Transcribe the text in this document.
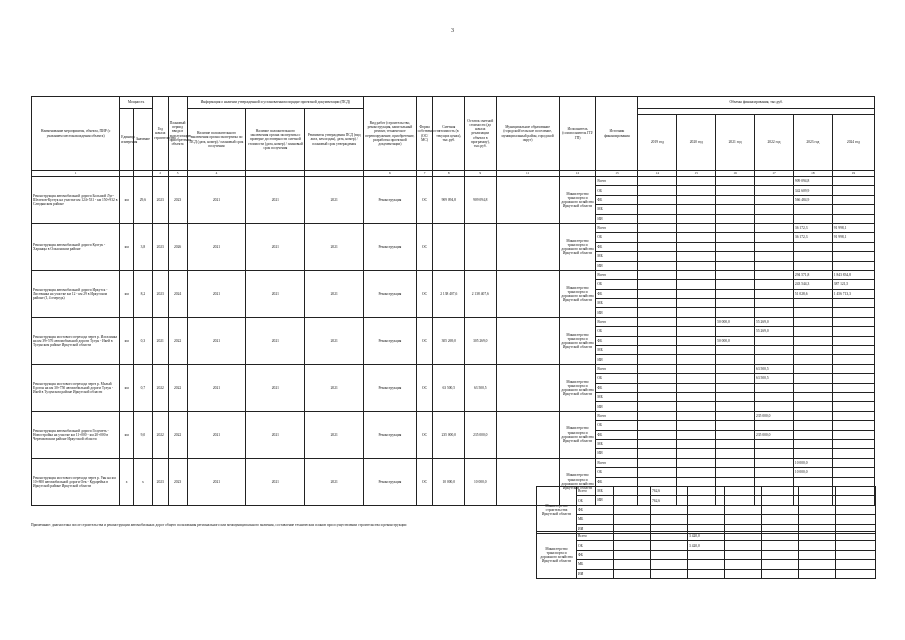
3
Наименование мероприятия, объекта, ПИР (с указанием местонахождения объекта)	Мощность		Год начала строительства	Плановый период ввода в эксплуатацию, приобретения объекта	Информация о наличии утвержденной и установленном порядке проектной документации (ПСД)			Вид работ (строительство, реконструкция, капитальный ремонт, техническое перевооружение, приобретение, разработка проектной документации)	Форма собственности (ОС/МС)	Сметная стоимость (в текущих ценах), тыс.руб.	Остаток сметной стоимости (до начала реализации объекта в программу), тыс.руб.	Муниципальное образование (городской/сельское поселение, муниципальный район, городской округ)	Исполнитель (соисполнитель ГП/ГП)	Источник финансирования	Объемы финансирования, тыс.руб.					
	Единица измерения	Значение			Наличие положительного заключения органа экспертизы по ПСД (дата, номер) / плановый срок получения	Наличие положительного заключения органа экспертизы о проверке достоверности сметной стоимости (дата, номер) / плановый срок получения	Реквизиты утверждения ПСД (вид акта, кем издан), дата, номер) / плановый срок утверждения													
															2019 год	2020 год	2021 год	2022 год	2023 год	2024 год
1			2	3	4			6	7	8	9	11	12	13	14	15	16	17	18	19
Реконструкция автомобильной дороги Большой Луг-Шелехов-Култук на участке км 124+531 - км 150+932 в Слюдянском районе	км	29,6	2023	2023	2021	2021	2021	Реконструкция	ОС	909 094,8	909 094,8		Министерство транспорта и дорожного хозяйства Иркутской области	Всего					909 094,8	
														ОБ					342 609,9	
														ФБ					566 484,9	
														МБ						
														ИИ						
Реконструкция автомобильной дороги Култук - Харанцы в Ольхонском районе	км	3,8	2023	2026	2021	2021	2021	Реконструкция	ОС				Министерство транспорта и дорожного хозяйства Иркутской области	Всего					36 172,3	91 998,1
														ОБ					36 172,3	91 998,1
														ФБ						
														МБ						
														ИИ						
Реконструкция автомобильной дороги Иркутск - Листвянка на участке км 12 - км 29 в Иркутском районе (I, 4 очередь)	км	8,2	2023	2024	2021	2021	2021	Реконструкция	ОС	2 138 407,6	2 138 407,6		Министерство транспорта и дорожного хозяйства Иркутской области	Всего					294 571,8	1 843 834,8
														ОБ					243 544,3	387 121,5
														ФБ					51 028,6	1 456 713,3
														МБ						
														ИИ						
Реконструкция мостового перехода через р. Илгалинка на км 39+576 автомобильной дороги Тулун - Икей в Тулунском районе Иркутской области	км	0,3	2021	2022	2021	2021	2021	Реконструкция	ОС	305 269,0	305 269,0		Министерство транспорта и дорожного хозяйства Иркутской области	Всего			50 000,0	55 269,0		
														ОБ				55 269,0		
														ФБ			50 000,0			
														МБ						
														ИИ						
Реконструкция мостового перехода через р. Малый Едогон на км 30+750 автомобильной дороги Тулун - Икей в Тулунском районе Иркутской области	км	0,7	2022	2022	2021	2021	2021	Реконструкция	ОС	63 500,5	63 500,5		Министерство транспорта и дорожного хозяйства Иркутской области	Всего				63 500,5		
														ОБ				63 500,5		
														ФБ						
														МБ						
														ИИ						
Реконструкция автомобильной дороги Голуметь - Новостройка на участке км 11+000 - км 20+000 в Черемховском районе Иркутской области	км	9,0	2022	2022	2021	2021	2021	Реконструкция	ОС	235 000,0	235 000,0		Министерство транспорта и дорожного хозяйства Иркутской области	Всего				235 000,0		
														ОБ						
														ФБ				235 000,0		
														МБ						
														ИИ						
Реконструкция мостового перехода через р. Уян на км 10+800 автомобильной дороги Оек - Кударейка в Иркутской районе Иркутской области	х	х	2023	2023	2021	2021	2021	Реконструкция	ОС	10 000,0	10 000,0		Министерство транспорта и дорожного хозяйства Иркутской области	Всего					10 000,0	
														ОБ					10 000,0	
														ФБ						
														МБ						
														ИИ						
Министерство строительства Иркутской области	Всего		762,6					
	ОБ		762,6					
	ФБ							
	МБ							
	ИИ							
Министерство транспорта и дорожного хозяйства Иркутской области	Всего			3 420,0				
	ОБ			3 420,0				
	ФБ							
	МБ							
	ИИ							
Примечание: диагностика после строительства и реконструкции автомобильных дорог общего пользования регионального или межмуниципального значения, составление технических планов при осуществлении строительства и реконструкции
